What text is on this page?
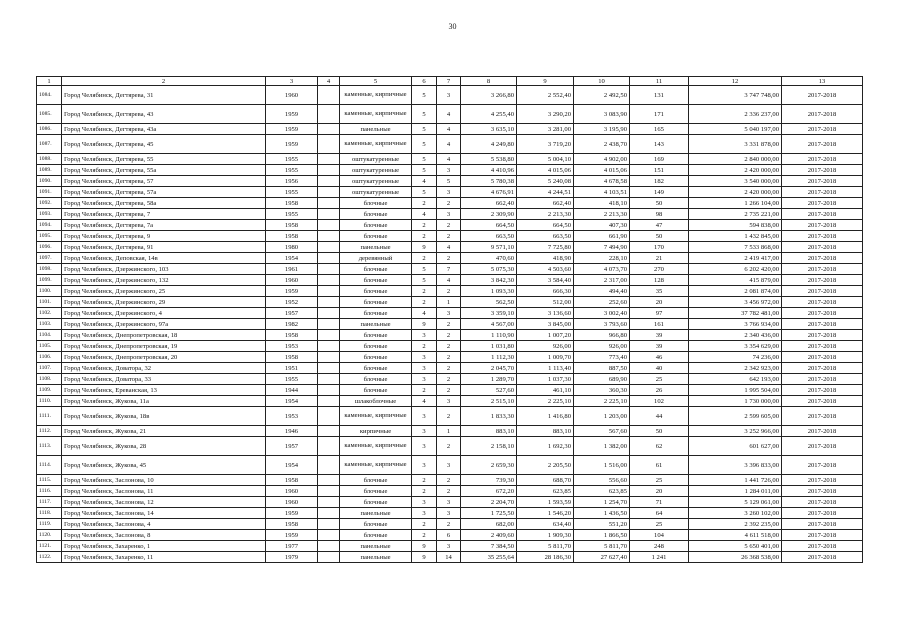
30
1	2	3	4	5	6	7	8	9	10	11	12	13
1084.	Город Челябинск, Дегтярева, 31	1960		каменные, кирпичные	5	3	3 266,80	2 552,40	2 492,50	131	3 747 748,00	2017-2018
1085.	Город Челябинск, Дегтярева, 43	1959		каменные, кирпичные	5	4	4 255,40	3 290,20	3 083,90	171	2 336 237,00	2017-2018
1086.	Город Челябинск, Дегтярева, 43а	1959		панельные	5	4	3 635,10	3 281,00	3 195,90	165	5 040 197,00	2017-2018
1087.	Город Челябинск, Дегтярева, 45	1959		каменные, кирпичные	5	4	4 249,80	3 719,20	2 438,70	143	3 331 878,00	2017-2018
1088.	Город Челябинск, Дегтярева, 55	1955		оштукатуренные	5	4	5 538,80	5 004,10	4 902,00	169	2 840 000,00	2017-2018
1089.	Город Челябинск, Дегтярева, 55а	1955		оштукатуренные	5	3	4 410,96	4 015,06	4 015,06	151	2 420 000,00	2017-2018
1090.	Город Челябинск, Дегтярева, 57	1956		оштукатуренные	4	5	5 780,38	5 240,08	4 678,58	182	3 540 000,00	2017-2018
1091.	Город Челябинск, Дегтярева, 57а	1955		оштукатуренные	5	3	4 676,91	4 244,51	4 103,51	149	2 420 000,00	2017-2018
1092.	Город Челябинск, Дегтярева, 58а	1958		блочные	2	2	662,40	662,40	418,10	50	1 266 104,00	2017-2018
1093.	Город Челябинск, Дегтярева, 7	1955		блочные	4	3	2 309,90	2 213,30	2 213,30	98	2 735 221,00	2017-2018
1094.	Город Челябинск, Дегтярева, 7а	1958		блочные	2	2	664,50	664,50	407,30	47	594 838,00	2017-2018
1095.	Город Челябинск, Дегтярева, 9	1958		блочные	2	2	663,50	663,50	661,90	50	1 432 845,00	2017-2018
1096.	Город Челябинск, Дегтярева, 91	1980		панельные	9	4	9 571,10	7 725,80	7 494,90	170	7 533 868,00	2017-2018
1097.	Город Челябинск, Деповская, 14в	1954		деревянный	2	2	470,60	418,90	228,10	21	2 419 417,00	2017-2018
1098.	Город Челябинск, Дзержинского, 103	1961		блочные	5	7	5 075,30	4 503,60	4 073,70	270	6 202 420,00	2017-2018
1099.	Город Челябинск, Дзержинского, 132	1960		блочные	5	4	3 842,30	3 584,40	2 317,00	128	415 879,00	2017-2018
1100.	Город Челябинск, Дзержинского, 25	1959		блочные	2	2	1 093,30	666,30	494,40	35	2 081 874,00	2017-2018
1101.	Город Челябинск, Дзержинского, 29	1952		блочные	2	1	562,50	512,00	252,60	20	3 456 972,00	2017-2018
1102.	Город Челябинск, Дзержинского, 4	1957		блочные	4	3	3 359,10	3 136,60	3 002,40	97	37 782 481,00	2017-2018
1103.	Город Челябинск, Дзержинского, 97а	1982		панельные	9	2	4 567,00	3 845,00	3 793,60	161	3 766 934,00	2017-2018
1104.	Город Челябинск, Днепропетровская, 18	1958		блочные	3	2	1 110,90	1 007,20	966,80	39	2 340 436,00	2017-2018
1105.	Город Челябинск, Днепропетровская, 19	1953		блочные	2	2	1 031,80	926,00	926,00	39	3 354 629,00	2017-2018
1106.	Город Челябинск, Днепропетровская, 20	1958		блочные	3	2	1 112,30	1 009,70	773,40	46	74 236,00	2017-2018
1107.	Город Челябинск, Доватора, 32	1951		блочные	3	2	2 045,70	1 113,40	887,50	40	2 342 923,00	2017-2018
1108.	Город Челябинск, Доватора, 33	1955		блочные	3	2	1 289,70	1 037,30	689,90	25	642 193,00	2017-2018
1109.	Город Челябинск, Ереванская, 13	1944		блочные	2	2	527,60	461,10	360,30	26	1 995 504,00	2017-2018
1110.	Город Челябинск, Жукова, 11а	1954		шлакоблочные	4	3	2 515,10	2 225,10	2 225,10	102	1 730 000,00	2017-2018
1111.	Город Челябинск, Жукова, 18в	1953		каменные, кирпичные	3	2	1 833,30	1 416,80	1 203,00	44	2 599 605,00	2017-2018
1112.	Город Челябинск, Жукова, 21	1946		кирпичные	3	1	883,10	883,10	567,60	50	3 252 966,00	2017-2018
1113.	Город Челябинск, Жукова, 28	1957		каменные, кирпичные	3	2	2 158,10	1 692,30	1 382,00	62	601 627,00	2017-2018
1114.	Город Челябинск, Жукова, 45	1954		каменные, кирпичные	3	3	2 659,30	2 205,50	1 516,00	61	3 396 833,00	2017-2018
1115.	Город Челябинск, Заслонова, 10	1958		блочные	2	2	739,30	688,70	556,60	25	1 441 726,00	2017-2018
1116.	Город Челябинск, Заслонова, 11	1960		блочные	2	2	672,20	623,85	623,85	20	1 284 011,00	2017-2018
1117.	Город Челябинск, Заслонова, 12	1960		блочные	3	3	2 204,70	1 593,59	1 254,70	71	5 129 061,00	2017-2018
1118.	Город Челябинск, Заслонова, 14	1959		панельные	3	3	1 725,50	1 546,20	1 436,50	64	3 260 102,00	2017-2018
1119.	Город Челябинск, Заслонова, 4	1958		блочные	2	2	682,00	634,40	551,20	25	2 392 235,00	2017-2018
1120.	Город Челябинск, Заслонова, 8	1959		блочные	2	6	2 409,60	1 909,30	1 866,50	104	4 611 518,00	2017-2018
1121.	Город Челябинск, Захаренко, 1	1977		панельные	9	3	7 384,50	5 811,70	5 811,70	248	5 650 401,00	2017-2018
1122.	Город Челябинск, Захаренко, 11	1979		панельные	9	14	35 255,64	28 186,30	27 627,40	1 241	26 368 538,00	2017-2018
